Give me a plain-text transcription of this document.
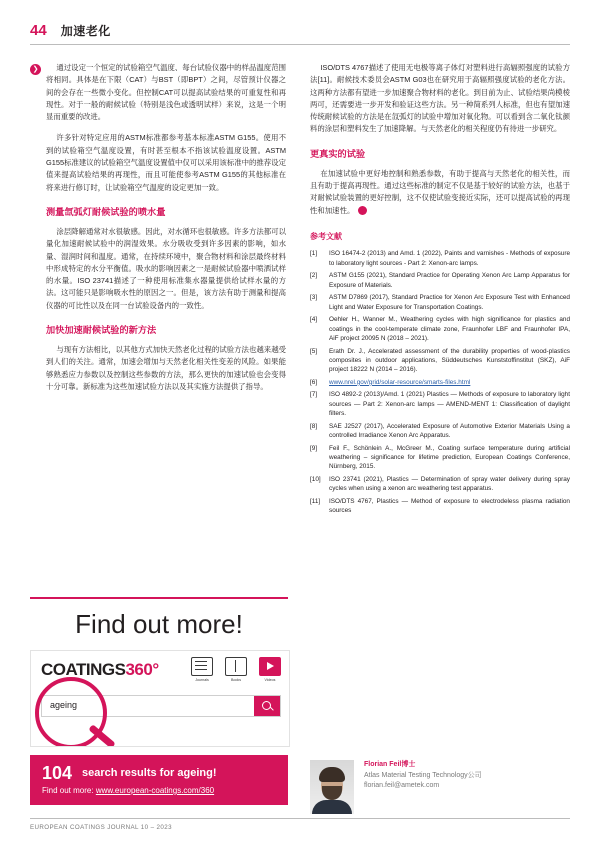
44 加速老化
❯	通过设定一个恒定的试验箱空气温度、每台试验仪器中的样品温度范围将相同。具体是在下限（CAT）与BST（即BPT）之间，尽管预计仪器之间的会存在一些微小变化。但控制CAT可以提高试验结果的可重复性和再现性。对于一般的耐候试验（特别是浅色或透明试样）来说，这是一个明显而重要的改进。

许多针对特定应用的ASTM标准都参考基本标准ASTM G155。使用不到的试验箱空气温度设置，有时甚至根本不指该试验温度设置。ASTM G155标准建议的试验箱空气温度设置值中仅可以采用该标准中的推荐设定值来提高试验结果的再现性，而且可能使参考ASTM G155的其他标准在将来进行修订时，让试验箱空气温度的设定更加一致。

测量氙弧灯耐候试验的喷水量

涂层降解通常对水很敏感。因此，对水循环也很敏感。许多方法都可以量化加速耐候试验中的润湿效果。水分吸收受到许多因素的影响，如水量、湿润时间和温度。通常，在持续环境中，聚合物材料和涂层最终材料中形成特定的水分平衡值。吸水的影响因素之一是耐候试验器中喷洒试样的水量。ISO 23741描述了一种使用标准集水器量提供给试样水量的方法。这可能只是影响吸水性的原因之一。但是，该方法有助于测量和提高仪器的可比性以及在同一台试验设备内的一致性。

加快加速耐候试验的新方法

与现有方法相比，以其他方式加快天然老化过程的试验方法也越来越受到人们的关注。通常，加速会增加与天然老化相关性变差的风险。如果能够熟悉应力参数以及控制这些参数的方法，那么更快的加速试验也会变得十分可靠。新标准为这些加速试验方法以及其实施方法提供了指导。

ISO/DTS 4767描述了使用无电极等离子体灯对塑料进行高辐照强度的试验方法[11]。耐候技术委员会ASTM G03也在研究用于高辐照强度试验的老化方法。这两种方法都有望进一步加速聚合物材料的老化。到目前为止、试验结果尚模棱两可，还需要进一步开发和验证这些方法。另一种简系列人标准，但也有望加速传统耐候试验的方法是在氙弧灯的试验中增加对氧化物。可以看到含二氧化钛颜料的涂层和塑料发生了加速降解。与天然老化的相关程度仍有待进一步研究。

更真实的试验

在加速试验中更好地控制和熟悉参数，有助于提高与天然老化的相关性，而且有助于提高再现性。通过这些标准的制定不仅是基于较好的试验方法，也基于对耐候试验装置的更好控制，这不仅使试验变接近实际，还可以提高试验的再现性和加速性。 ❯

参考文献
[1]	ISO 16474-2 (2013) and Amd. 1 (2022), Paints and varnishes - Methods of exposure to laboratory light sources - Part 2: Xenon-arc lamps.
[2]	ASTM G155 (2021), Standard Practice for Operating Xenon Arc Lamp Apparatus for Exposure of Materials.
[3]	ASTM D7869 (2017), Standard Practice for Xenon Arc Exposure Test with Enhanced Light and Water Exposure for Transportation Coatings.
[4]	Oehler H., Wanner M., Weathering cycles with high significance for plastics and coatings in the cool-temperate climate zone, Fraunhofer LBF and Fraunhofer IPA, AiF project 20095 N (2018 – 2021).
[5]	Erath Dr. J., Accelerated assessment of the durability properties of wood-plastics composites in outdoor applications, Süddeutsches Kunststoffinstitut (SKZ), AiF project 18222 N (2014 – 2016).
[6]	www.nrel.gov/grid/solar-resource/smarts-files.html
[7]	ISO 4892-2 (2013)/Amd. 1 (2021) Plastics — Methods of exposure to laboratory light sources — Part 2: Xenon-arc lamps — AMEND-MENT 1: Classification of daylight filters.
[8]	SAE J2527 (2017), Accelerated Exposure of Automotive Exterior Materials Using a controlled Irradiance Xenon Arc Apparatus.
[9]	Feil F., Schönlein A., McGreer M., Coating surface temperature during artificial weathering – significance for lifetime prediction, European Coatings Conference, Nürnberg, 2015.
[10]	ISO 23741 (2021), Plastics — Determination of spray water delivery during spray cycles when using a xenon arc weathering test apparatus.
[11]	ISO/DTS 4767, Plastics — Method of exposure to electrodeless plasma radiation sources
Florian Feil博士
Atlas Material Testing Technology公司
florian.feil@ametek.com
Find out more!
COATINGS360°
Journals	Books	Videos
ageing
104 search results for ageing!
Find out more: www.european-coatings.com/360
EUROPEAN COATINGS JOURNAL 10 – 2023
